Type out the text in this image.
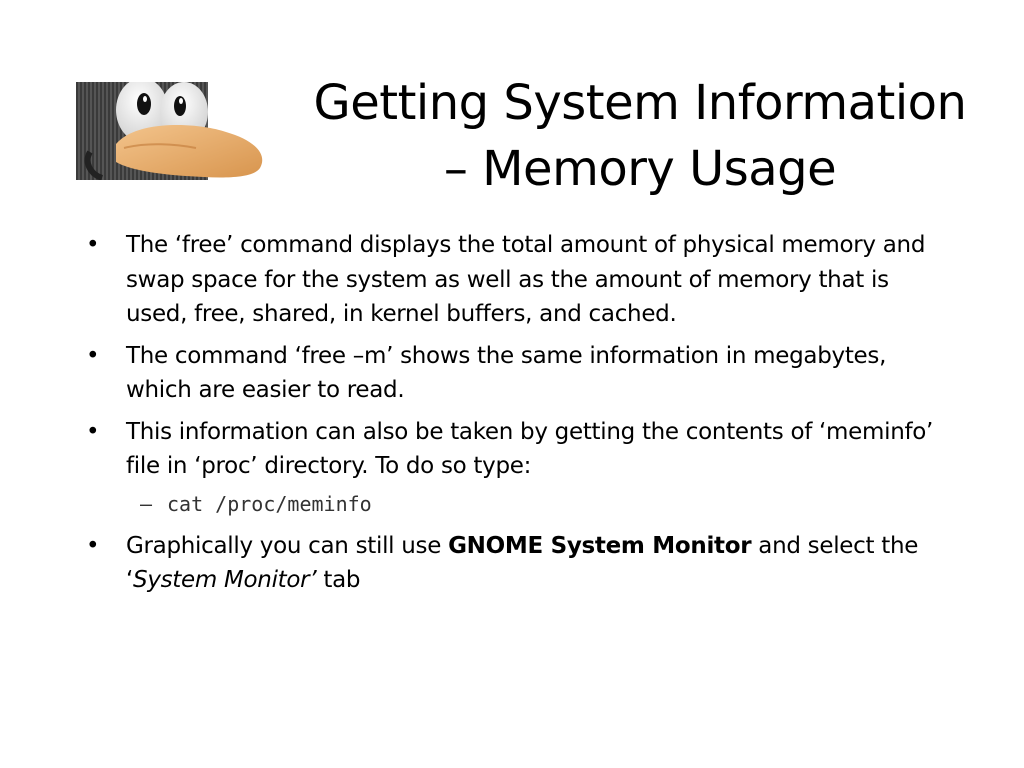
Getting System Information
– Memory Usage
• The ‘free’ command displays the total amount of physical memory and swap space for the system as well as the amount of memory that is used, free, shared, in kernel buffers, and cached.
• The command ‘free –m’ shows the same information in megabytes, which are easier to read.
• This information can also be taken by getting the contents of ‘meminfo’ file in ‘proc’ directory. To do so type:
– cat /proc/meminfo
• Graphically you can still use GNOME System Monitor and select the ‘System Monitor’ tab
